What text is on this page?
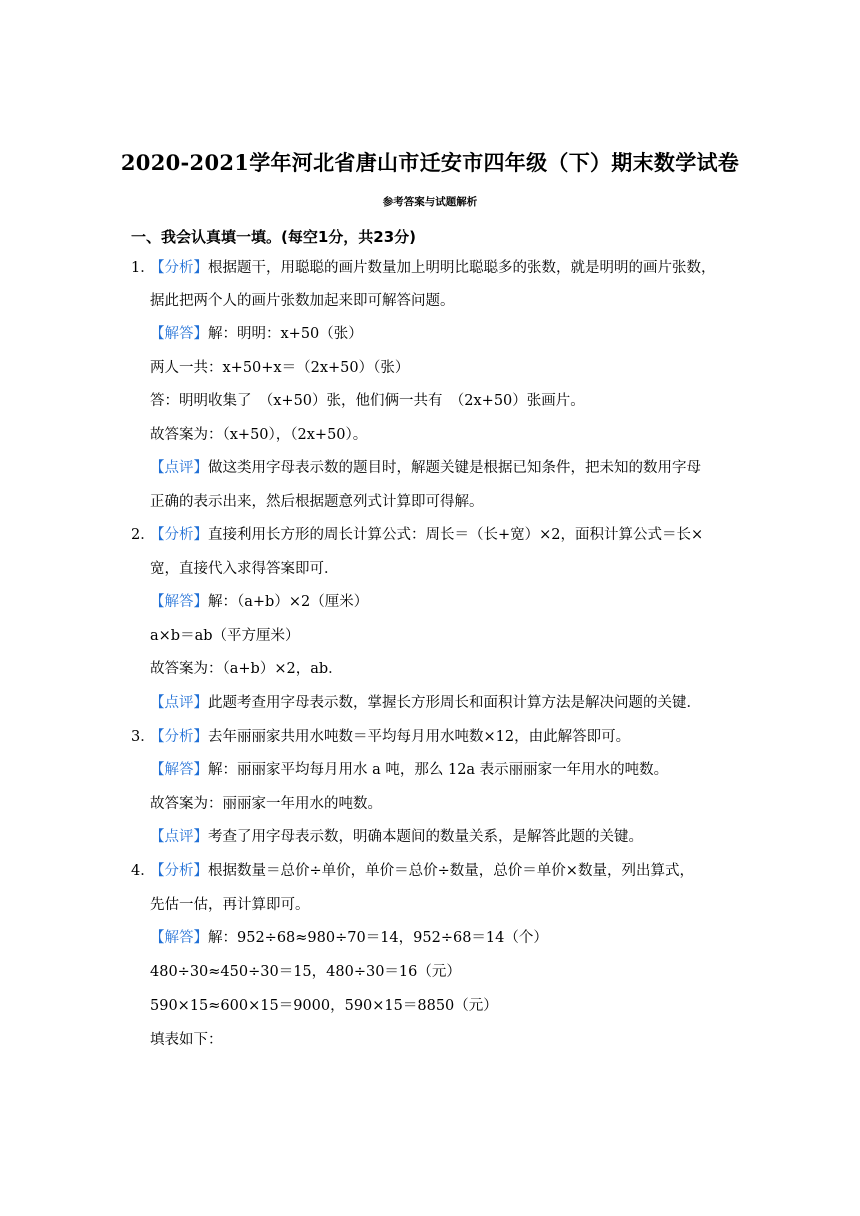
2020-2021学年河北省唐山市迁安市四年级（下）期末数学试卷
参考答案与试题解析
一、我会认真填一填。(每空1分，共23分)
1．【分析】根据题干，用聪聪的画片数量加上明明比聪聪多的张数，就是明明的画片张数，
据此把两个人的画片张数加起来即可解答问题。
【解答】解：明明：x+50（张）
两人一共：x+50+x＝（2x+50）（张）
答：明明收集了　（x+50）张，他们俩一共有　（2x+50）张画片。
故答案为：（x+50），（2x+50）。
【点评】做这类用字母表示数的题目时，解题关键是根据已知条件，把未知的数用字母
正确的表示出来，然后根据题意列式计算即可得解。
2．【分析】直接利用长方形的周长计算公式：周长＝（长+宽）×2，面积计算公式＝长×
宽，直接代入求得答案即可．
【解答】解：（a+b）×2（厘米）
a×b＝ab（平方厘米）
故答案为：（a+b）×2，ab．
【点评】此题考查用字母表示数，掌握长方形周长和面积计算方法是解决问题的关键．
3．【分析】去年丽丽家共用水吨数＝平均每月用水吨数×12，由此解答即可。
【解答】解：丽丽家平均每月用水 a 吨，那么 12a 表示丽丽家一年用水的吨数。
故答案为：丽丽家一年用水的吨数。
【点评】考查了用字母表示数，明确本题间的数量关系，是解答此题的关键。
4．【分析】根据数量＝总价÷单价，单价＝总价÷数量，总价＝单价×数量，列出算式，
先估一估，再计算即可。
【解答】解：952÷68≈980÷70＝14，952÷68＝14（个）
480÷30≈450÷30＝15，480÷30＝16（元）
590×15≈600×15＝9000，590×15＝8850（元）
填表如下：
